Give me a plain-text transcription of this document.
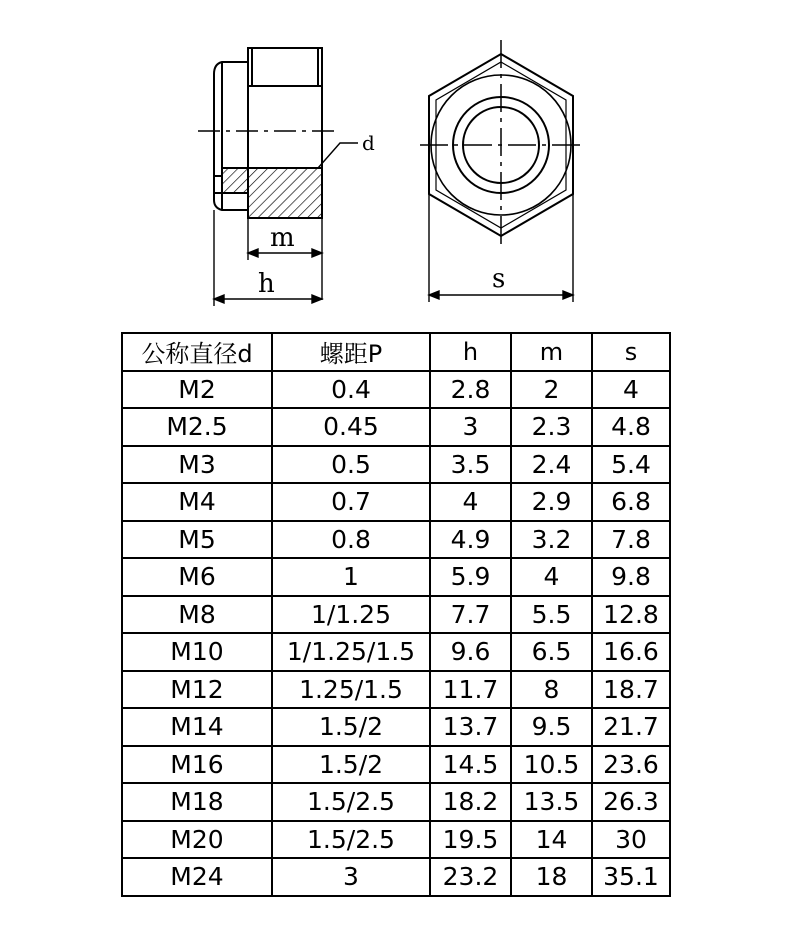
d
m
h	s
公称直径d	螺距P	h	m	s
M2	0.4	2.8	2	4
M2.5	0.45	3	2.3	4.8
M3	0.5	3.5	2.4	5.4
M4	0.7	4	2.9	6.8
M5	0.8	4.9	3.2	7.8
M6	1	5.9	4	9.8
M8	1/1.25	7.7	5.5	12.8
M10	1/1.25/1.5	9.6	6.5	16.6
M12	1.25/1.5	11.7	8	18.7
M14	1.5/2	13.7	9.5	21.7
M16	1.5/2	14.5	10.5	23.6
M18	1.5/2.5	18.2	13.5	26.3
M20	1.5/2.5	19.5	14	30
M24	3	23.2	18	35.1
